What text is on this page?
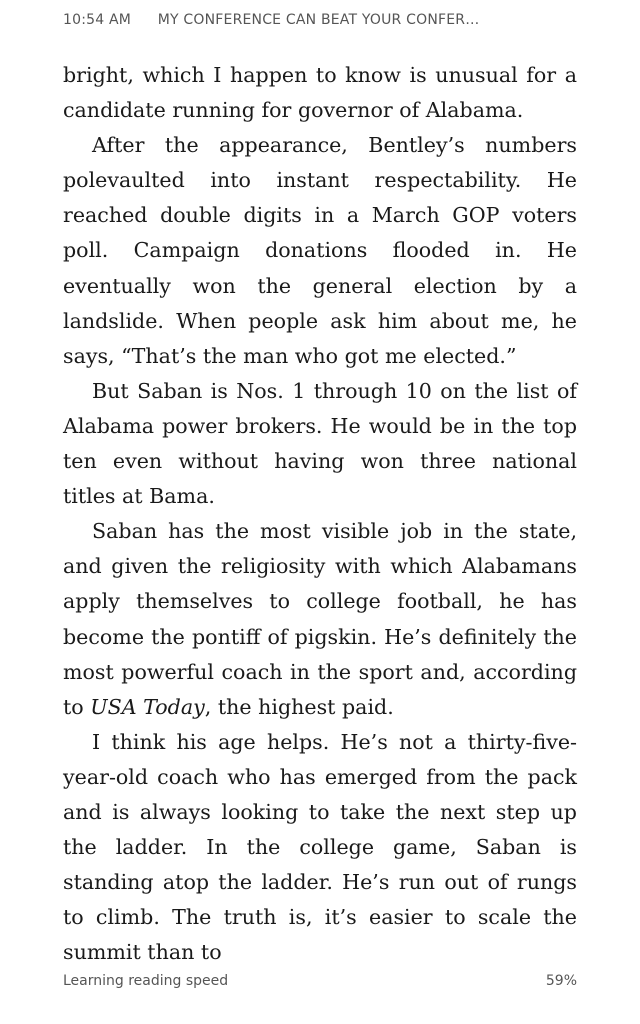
10:54 AM MY CONFERENCE CAN BEAT YOUR CONFER…

bright, which I happen to know is unusual for a candidate running for governor of Alabama.

After the appearance, Bentley’s numbers polevaulted into instant respectability. He reached double digits in a March GOP voters poll. Campaign donations flooded in. He eventually won the general election by a landslide. When people ask him about me, he says, “That’s the man who got me elected.”

But Saban is Nos. 1 through 10 on the list of Alabama power brokers. He would be in the top ten even without having won three national titles at Bama.

Saban has the most visible job in the state, and given the religiosity with which Alabamans apply themselves to college football, he has become the pontiff of pigskin. He’s definitely the most powerful coach in the sport and, according to USA Today, the highest paid.

I think his age helps. He’s not a thirty-five-year-old coach who has emerged from the pack and is always looking to take the next step up the ladder. In the college game, Saban is standing atop the ladder. He’s run out of rungs to climb. The truth is, it’s easier to scale the summit than to

Learning reading speed	59%
